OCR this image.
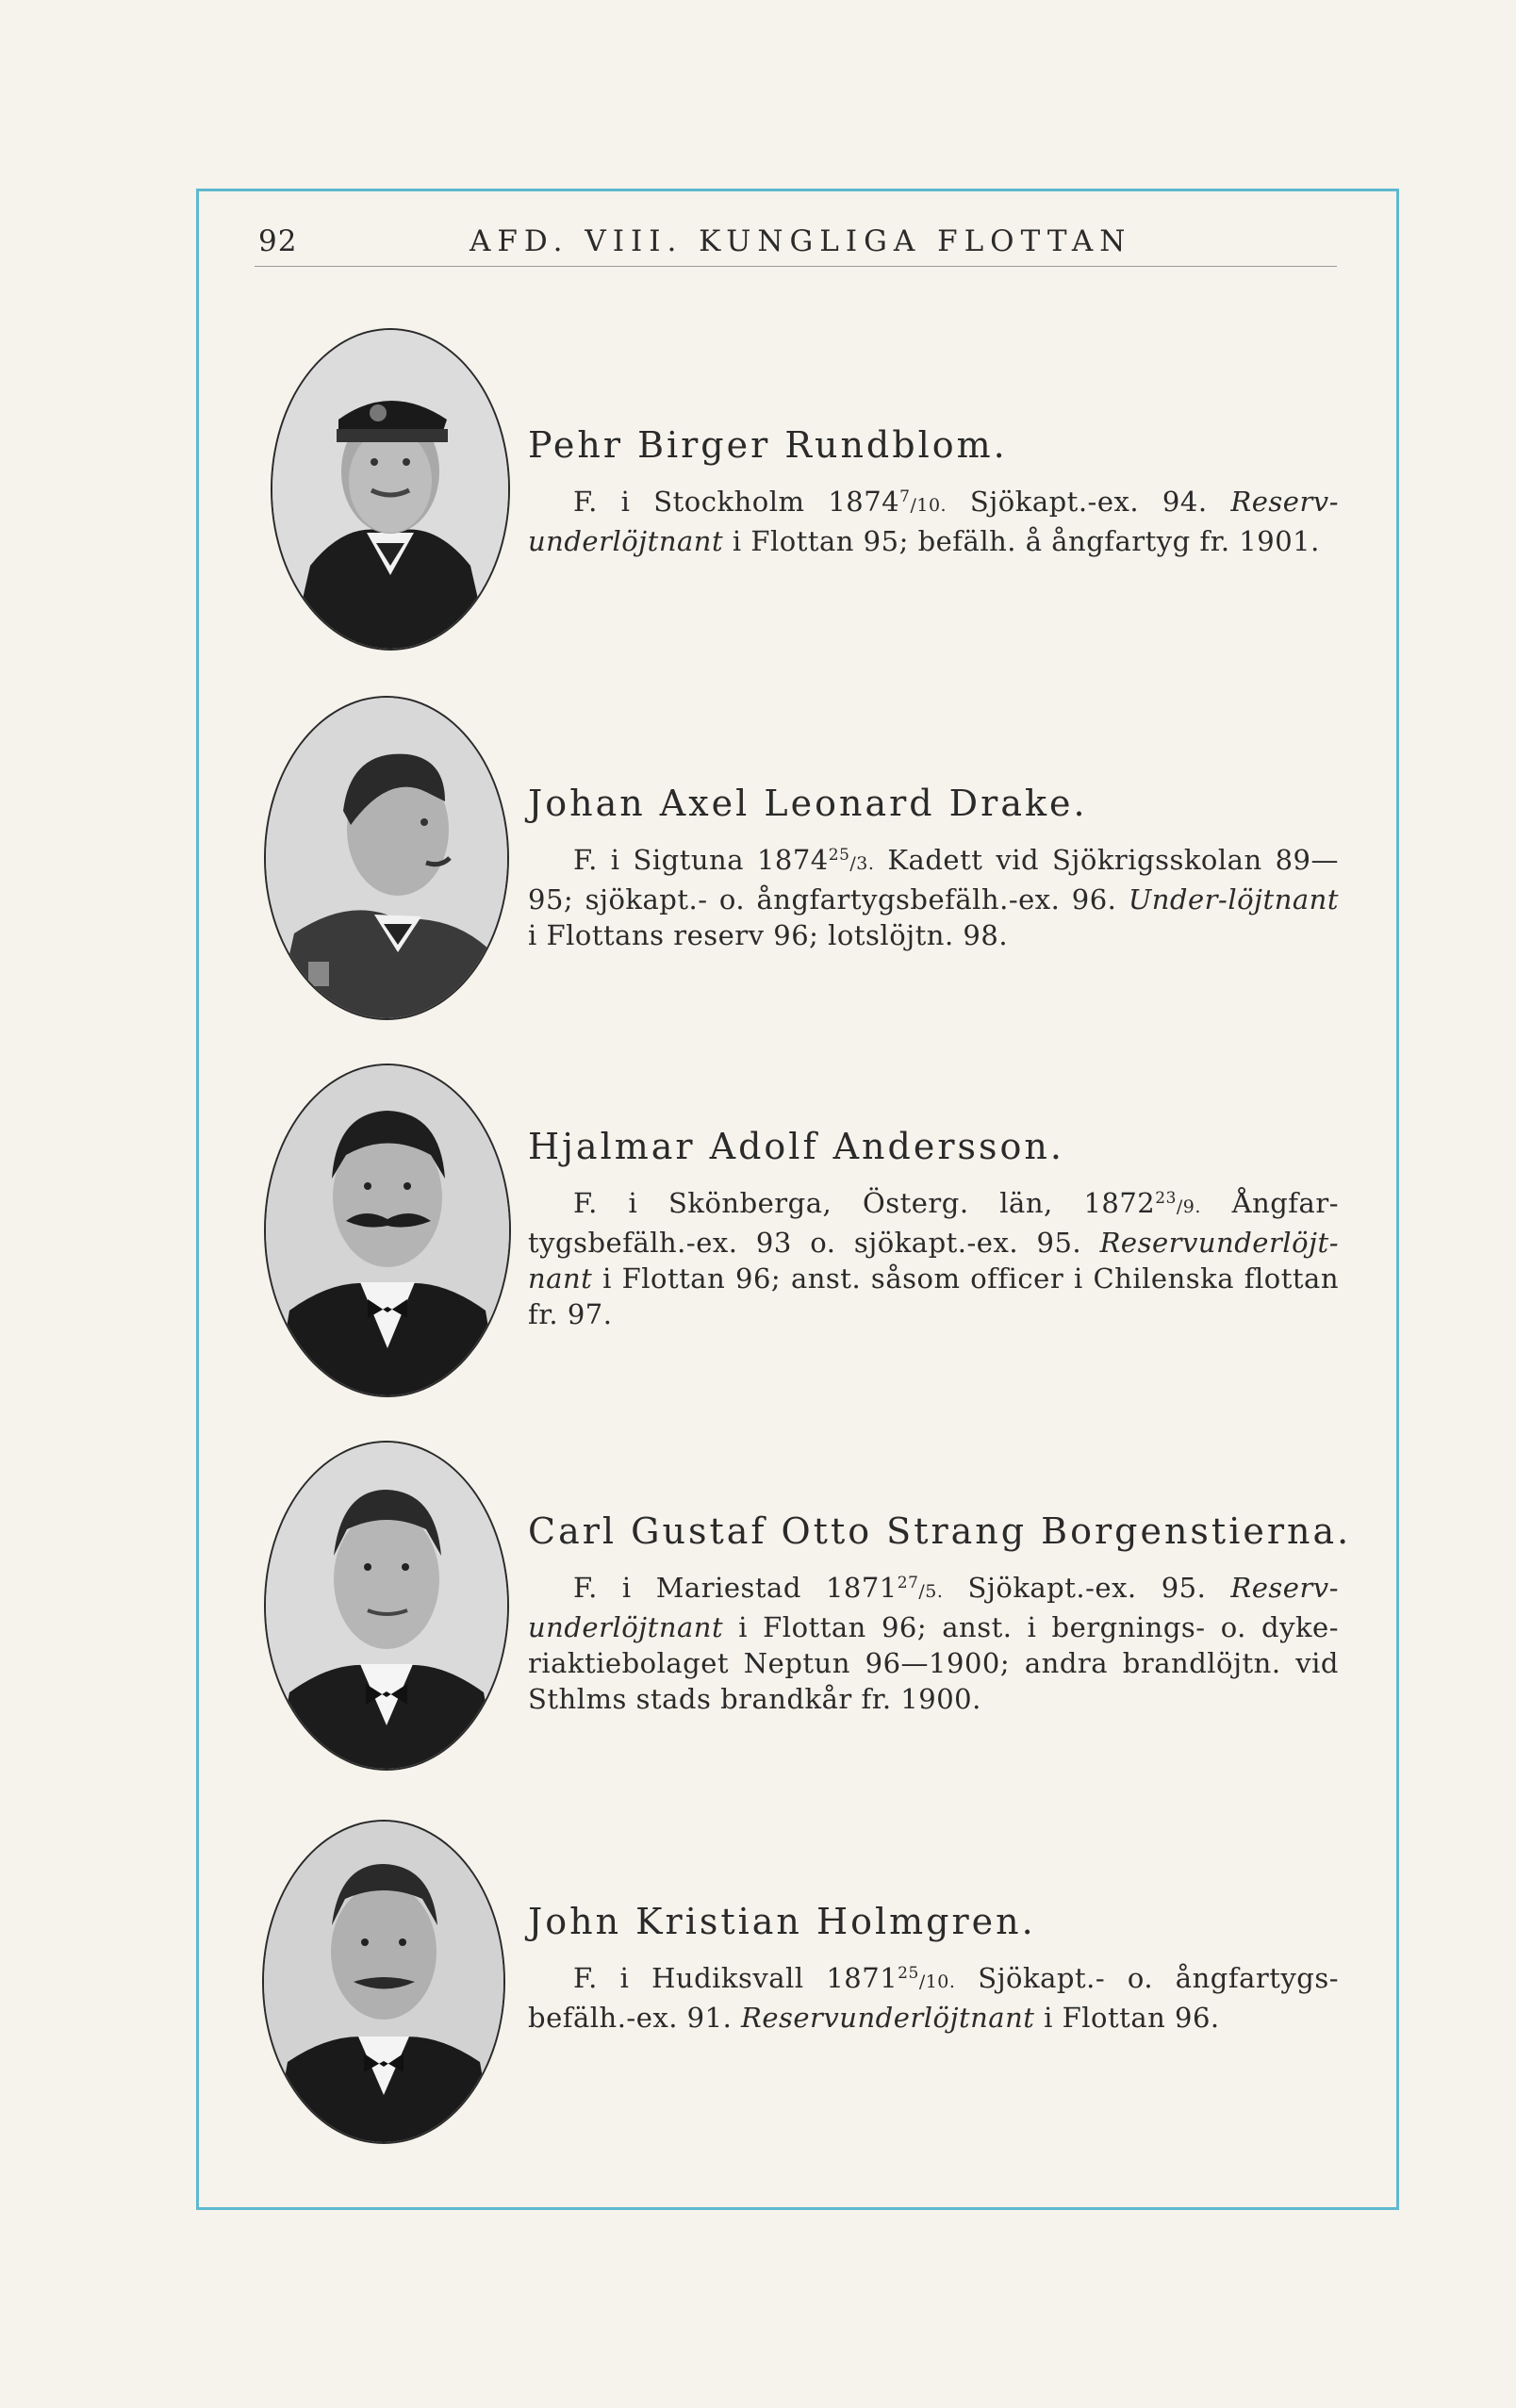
92	AFD. VIII. KUNGLIGA FLOTTAN
Pehr Birger Rundblom.
F. i Stockholm 1874$^7$/10. Sjökapt.-ex. 94. Reserv-underlöjtnant i Flottan 95; befälh. å ångfartyg fr. 1901.
Johan Axel Leonard Drake.
F. i Sigtuna 1874$^{25}$/3. Kadett vid Sjökrigsskolan 89—95; sjökapt.- o. ångfartygsbefälh.-ex. 96. Under-löjtnant i Flottans reserv 96; lotslöjtn. 98.
Hjalmar Adolf Andersson.
F. i Skönberga, Österg. län, 1872$^{23}$/9. Ångfar-tygsbefälh.-ex. 93 o. sjökapt.-ex. 95. Reservunderlöjt-nant i Flottan 96; anst. såsom officer i Chilenska flottan fr. 97.
Carl Gustaf Otto Strang Borgenstierna.
F. i Mariestad 1871$^{27}$/5. Sjökapt.-ex. 95. Reserv-underlöjtnant i Flottan 96; anst. i bergnings- o. dyke-riaktiebolaget Neptun 96—1900; andra brandlöjtn. vid Sthlms stads brandkår fr. 1900.
John Kristian Holmgren.
F. i Hudiksvall 1871$^{25}$/10. Sjökapt.- o. ångfartygs-befälh.-ex. 91. Reservunderlöjtnant i Flottan 96.
